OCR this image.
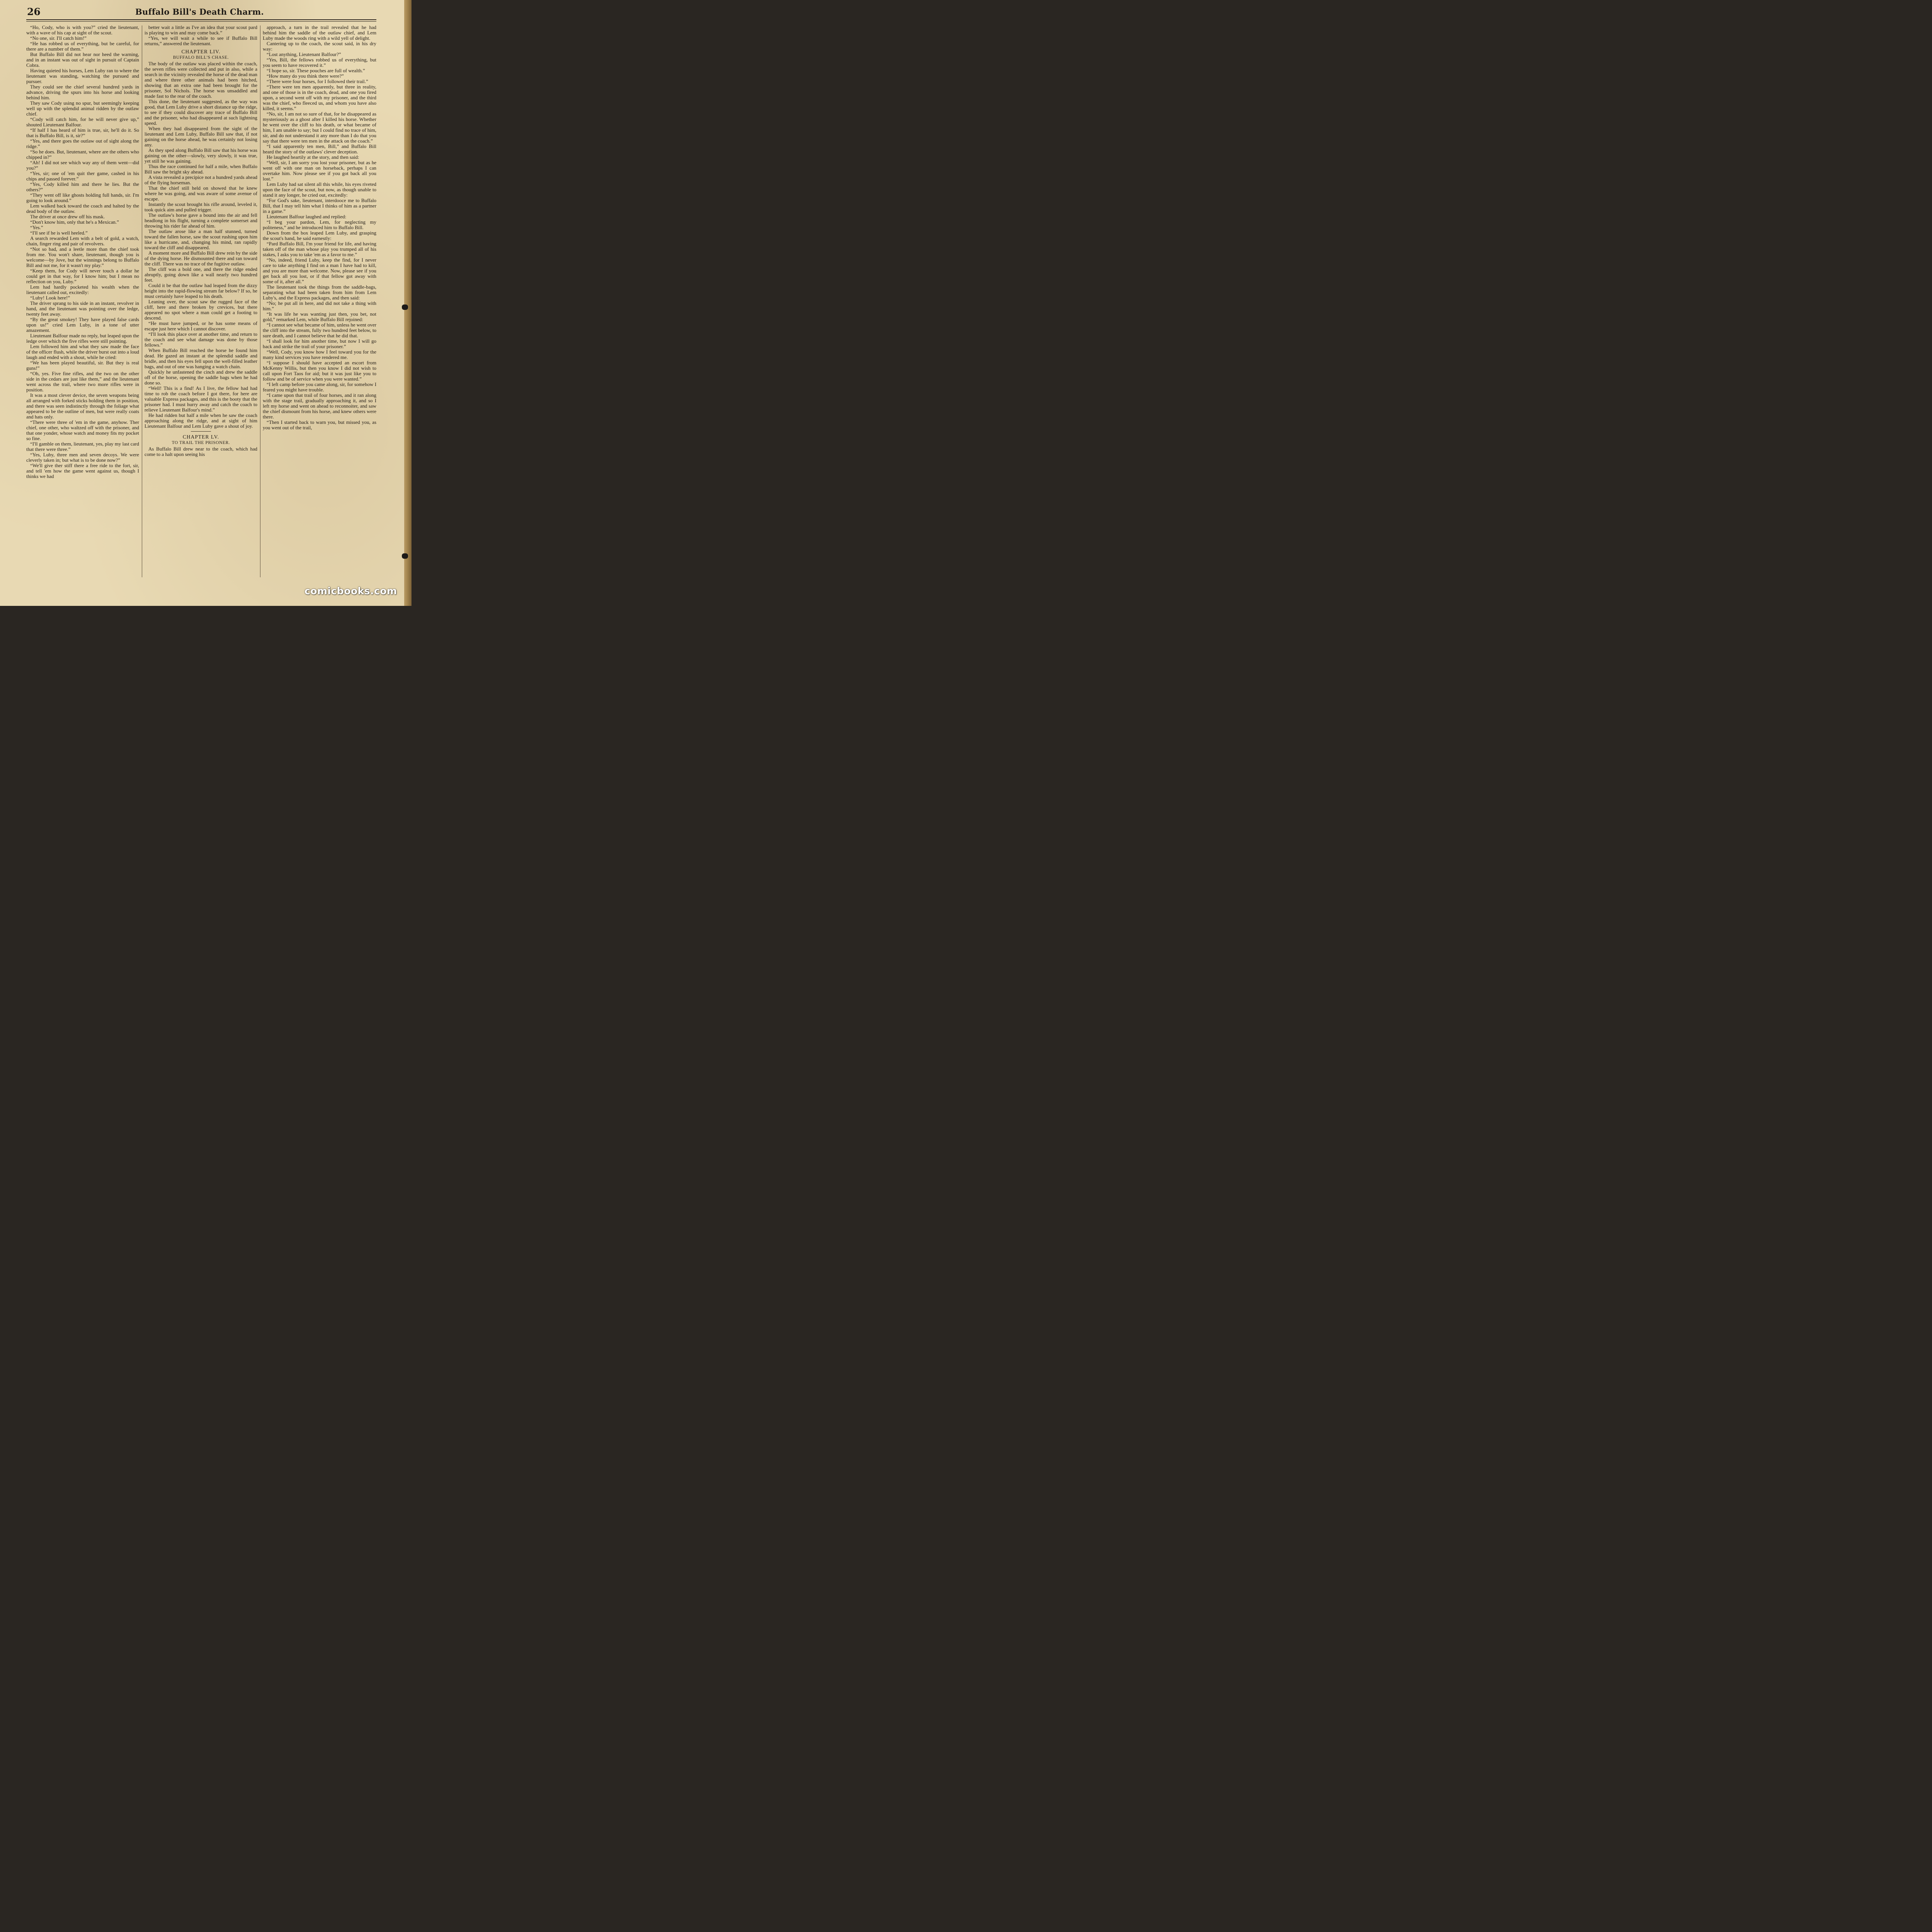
26	Buffalo Bill's Death Charm.

“Ho, Cody, who is with you?” cried the lieutenant, with a wave of his cap at sight of the scout.

“No one, sir. I'll catch him!”

“He has robbed us of everything, but be careful, for there are a number of them.”

But Buffalo Bill did not hear nor heed the warning, and in an instant was out of sight in pursuit of Captain Cobra.

Having quieted his horses, Lem Luby ran to where the lieutenant was standing, watching the pursued and pursuer.

They could see the chief several hundred yards in advance, driving the spurs into his horse and looking behind him.

They saw Cody using no spur, but seemingly keeping well up with the splendid animal ridden by the outlaw chief.

“Cody will catch him, for he will never give up,” shouted Lieutenant Balfour.

“If half I has heard of him is true, sir, he'll do it. So that is Buffalo Bill, is it, sir?”

“Yes, and there goes the outlaw out of sight along the ridge.”

“So he does. But, lieutenant, where are the others who chipped in?”

“Ah! I did not see which way any of them went—did you?”

“Yes, sir; one of 'em quit ther game, cashed in his chips and passed forever.”

“Yes, Cody killed him and there he lies. But the others?”

“They went off like ghosts holding full hands, sir. I'm going to look around.”

Lem walked back toward the coach and halted by the dead body of the outlaw.

The driver at once drew off his mask.

“Don't know him, only that he's a Mexican.”

“Yes.”

“I'll see if he is well heeled.”

A search rewarded Lem with a belt of gold, a watch, chain, finger ring and pair of revolvers.

“Not so bad, and a leetle more than the chief took from me. You won't share, lieutenant, though you is welcome—by Jove, but the winnings belong to Buffalo Bill and not me, for it wasn't my play.”

“Keep them, for Cody will never touch a dollar he could get in that way, for I know him; but I mean no reflection on you, Luby.”

Lem had hardly pocketed his wealth when the lieutenant called out, excitedly:

“Luby! Look here!”

The driver sprang to his side in an instant, revolver in hand, and the lieutenant was pointing over the ledge, twenty feet away.

“By the great smokey! They have played false cards upon us!” cried Lem Luby, in a tone of utter amazement.

Lieutenant Balfour made no reply, but leaped upon the ledge over which the five rifles were still pointing.

Lem followed him and what they saw made the face of the officer flush, while the driver burst out into a loud laugh and ended with a shout, while he cried:

“We has been played beautiful, sir. But they is real guns!”

“Oh, yes. Five fine rifles, and the two on the other side in the cedars are just like them,” and the lieutenant went across the trail, where two more rifles were in position.

It was a most clever device, the seven weapons being all arranged with forked sticks holding them in position, and there was seen indistinctly through the foliage what appeared to be the outline of men, but were really coats and hats only.

“There were three of 'em in the game, anyhow. Ther chief, one other, who waltzed off with the prisoner, and that one yonder, whose watch and money fits my pocket so fine.

“I'll gamble on them, lieutenant, yes, play my last card that there were three.”

“Yes, Luby, three men and seven decoys. We were cleverly taken in; but what is to be done now?”

“We'll give ther stiff there a free ride to the fort, sir, and tell 'em how the game went against us, though I thinks we had

better wait a little as I've an idea that your scout pard is playing to win and may come back.”

“Yes, we will wait a while to see if Buffalo Bill returns,” answered the lieutenant.

CHAPTER LIV.
BUFFALO BILL'S CHASE.

The body of the outlaw was placed within the coach, the seven rifles were collected and put in also, while a search in the vicinity revealed the horse of the dead man and where three other animals had been hitched, showing that an extra one had been brought for the prisoner, Sol Nichols. The horse was unsaddled and made fast to the rear of the coach.

This done, the lieutenant suggested, as the way was good, that Lem Luby drive a short distance up the ridge, to see if they could discover any trace of Buffalo Bill and the prisoner, who had disappeared at such lightning speed.

When they had disappeared from the sight of the lieutenant and Lem Luby, Buffalo Bill saw that, if not gaining on the horse ahead, he was certainly not losing any.

As they sped along Buffalo Bill saw that his horse was gaining on the other—slowly, very slowly, it was true, yet still he was gaining.

Thus the race continued for half a mile, when Buffalo Bill saw the bright sky ahead.

A vista revealed a precipice not a hundred yards ahead of the flying horseman.

That the chief still held on showed that he knew where he was going, and was aware of some avenue of escape.

Instantly the scout brought his rifle around, leveled it, took quick aim and pulled trigger.

The outlaw's horse gave a bound into the air and fell headlong in his flight, turning a complete somerset and throwing his rider far ahead of him.

The outlaw arose like a man half stunned, turned toward the fallen horse, saw the scout rushing upon him like a hurricane, and, changing his mind, ran rapidly toward the cliff and disappeared.

A moment more and Buffalo Bill drew rein by the side of the dying horse. He dismounted there and ran toward the cliff. There was no trace of the fugitive outlaw.

The cliff was a bold one, and there the ridge ended abruptly, going down like a wall nearly two hundred feet.

Could it be that the outlaw had leaped from the dizzy height into the rapid-flowing stream far below? If so, he must certainly have leaped to his death.

Leaning over, the scout saw the rugged face of the cliff, here and there broken by crevices, but there appeared no spot where a man could get a footing to descend.

“He must have jumped, or he has some means of escape just here which I cannot discover.

“I'll look this place over at another time, and return to the coach and see what damage was done by those fellows.”

When Buffalo Bill reached the horse he found him dead. He gazed an instant at the splendid saddle and bridle, and then his eyes fell upon the well-filled leather bags, and out of one was hanging a watch chain.

Quickly he unfastened the cinch and drew the saddle off of the horse, opening the saddle bags when he had done so.

“Well! This is a find! As I live, the fellow had had time to rob the coach before I got there, for here are valuable Express packages, and this is the booty that the prisoner had. I must hurry away and catch the coach to relieve Lieutenant Balfour's mind.”

He had ridden but half a mile when he saw the coach approaching along the ridge, and at sight of him Lieutenant Balfour and Lem Luby gave a shout of joy.

CHAPTER LV.
TO TRAIL THE PRISONER.

As Buffalo Bill drew near to the coach, which had come to a halt upon seeing his

approach, a turn in the trail revealed that he had behind him the saddle of the outlaw chief, and Lem Luby made the woods ring with a wild yell of delight.

Cantering up to the coach, the scout said, in his dry way:

“Lost anything, Lieutenant Balfour?”

“Yes, Bill, the fellows robbed us of everything, but you seem to have recovered it.”

“I hope so, sir. These pouches are full of wealth.”

“How many do you think there were?”

“There were four horses, for I followed their trail.”

“There were ten men apparently, but three in reality, and one of those is in the coach, dead, and one you fired upon, a second went off with my prisoner, and the third was the chief, who fleeced us, and whom you have also killed, it seems.”

“No, sir, I am not so sure of that, for he disappeared as mysteriously as a ghost after I killed his horse. Whether he went over the cliff to his death, or what became of him, I am unable to say; but I could find no trace of him, sir, and do not understand it any more than I do that you say that there were ten men in the attack on the coach.”

“I said apparently ten men, Bill,” and Buffalo Bill heard the story of the outlaws' clever deception.

He laughed heartily at the story, and then said:

“Well, sir, I am sorry you lost your prisoner, but as he went off with one man on horseback, perhaps I can overtake him. Now please see if you got back all you lost.”

Lem Luby had sat silent all this while, his eyes riveted upon the face of the scout, but now, as though unable to stand it any longer, he cried out, excitedly:

“For God's sake, lieutenant, interdooce me to Buffalo Bill, that I may tell him what I thinks of him as a partner in a game.”

Lieutenant Balfour laughed and replied:

“I beg your pardon, Lem, for neglecting my politeness,” and he introduced him to Buffalo Bill.

Down from the box leaped Lem Luby, and grasping the scout's hand, he said earnestly:

“Pard Buffalo Bill, I'm your friend for life, and having taken off of the man whose play you trumped all of his stakes, I asks you to take 'em as a favor to me.”

“No, indeed, friend Luby, keep the find, for I never care to take anything I find on a man I have had to kill, and you are more than welcome. Now, please see if you get back all you lost, or if that fellow got away with some of it, after all.”

The lieutenant took the things from the saddle-bags, separating what had been taken from him from Lem Luby's, and the Express packages, and then said:

“No; he put all in here, and did not take a thing with him.”

“It was life he was wanting just then, you bet, not gold,” remarked Lem, while Buffalo Bill rejoined:

“I cannot see what became of him, unless he went over the cliff into the stream, fully two hundred feet below, to sure death, and I cannot believe that he did that.

“I shall look for him another time, but now I will go back and strike the trail of your prisoner.”

“Well, Cody, you know how I feel toward you for the many kind services you have rendered me.

“I suppose I should have accepted an escort from McKenny Willis, but then you know I did not wish to call upon Fort Taos for aid; but it was just like you to follow and be of service when you were wanted.”

“I left camp before you came along, sir, for somehow I feared you might have trouble.

“I came upon that trail of four horses, and it ran along with the stage trail, gradually approaching it, and so I left my horse and went on ahead to reconnoiter, and saw the chief dismount from his horse, and knew others were there.

“Then I started back to warn you, but missed you, as you went out of the trail,

comicbooks.com
